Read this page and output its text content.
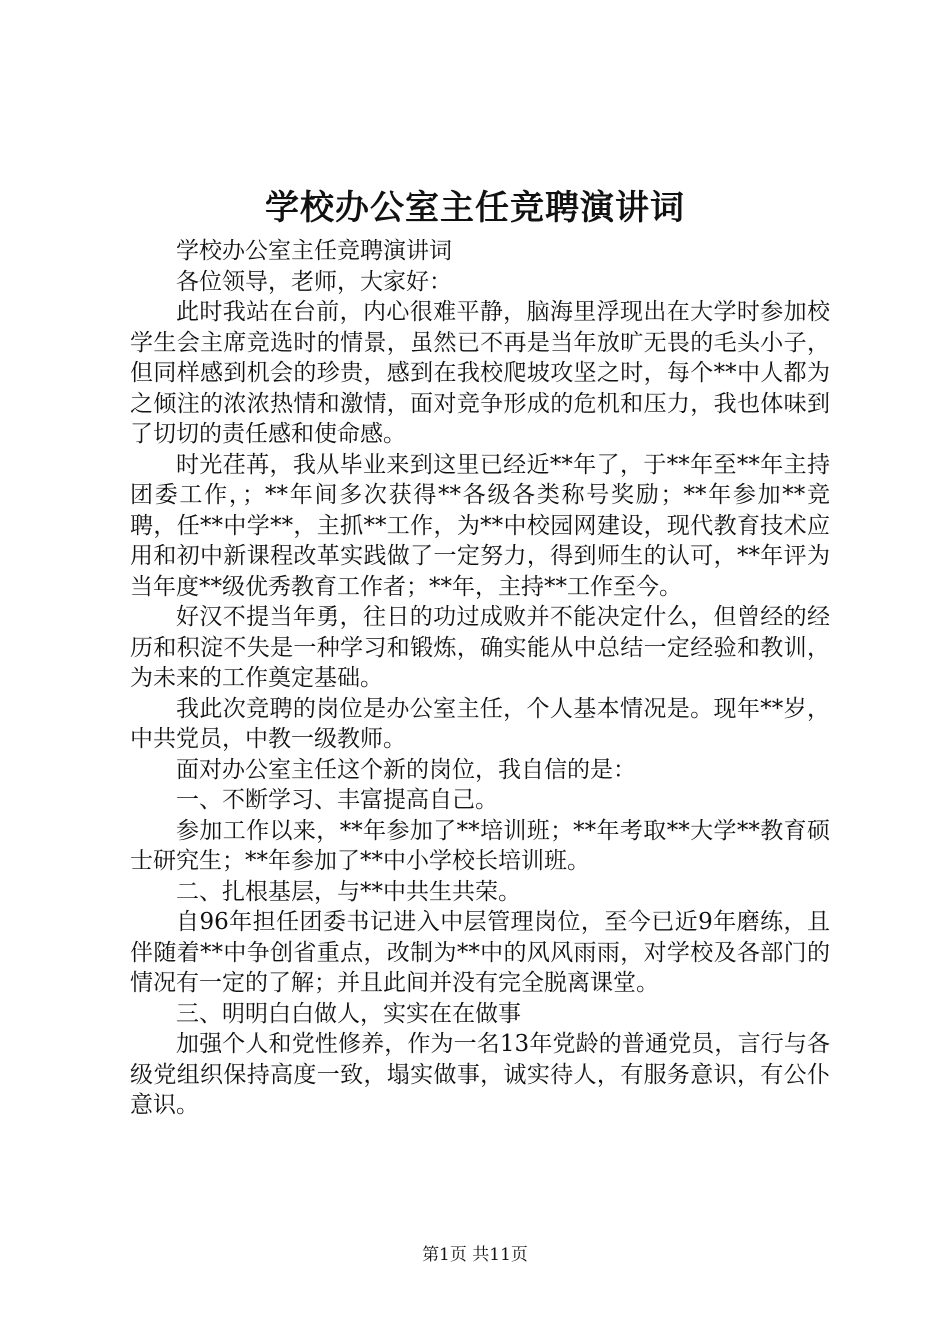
学校办公室主任竞聘演讲词

学校办公室主任竞聘演讲词

各位领导，老师，大家好：

此时我站在台前，内心很难平静，脑海里浮现出在大学时参加校学生会主席竞选时的情景，虽然已不再是当年放旷无畏的毛头小子，但同样感到机会的珍贵，感到在我校爬坡攻坚之时，每个**中人都为之倾注的浓浓热情和激情，面对竞争形成的危机和压力，我也体味到了切切的责任感和使命感。

时光荏苒，我从毕业来到这里已经近**年了，于**年至**年主持团委工作，；**年间多次获得**各级各类称号奖励；**年参加**竞聘，任**中学**，主抓**工作，为**中校园网建设，现代教育技术应用和初中新课程改革实践做了一定努力，得到师生的认可，**年评为当年度**级优秀教育工作者；**年，主持**工作至今。

好汉不提当年勇，往日的功过成败并不能决定什么，但曾经的经历和积淀不失是一种学习和锻炼，确实能从中总结一定经验和教训，为未来的工作奠定基础。

我此次竞聘的岗位是办公室主任，个人基本情况是。现年**岁，中共党员，中教一级教师。

面对办公室主任这个新的岗位，我自信的是：

一、不断学习、丰富提高自己。

参加工作以来，**年参加了**培训班；**年考取**大学**教育硕士研究生；**年参加了**中小学校长培训班。

二、扎根基层，与**中共生共荣。

自96年担任团委书记进入中层管理岗位，至今已近9年磨练，且伴随着**中争创省重点，改制为**中的风风雨雨，对学校及各部门的情况有一定的了解；并且此间并没有完全脱离课堂。

三、明明白白做人，实实在在做事

加强个人和党性修养，作为一名13年党龄的普通党员，言行与各级党组织保持高度一致，塌实做事，诚实待人，有服务意识，有公仆意识。

第1页 共11页
